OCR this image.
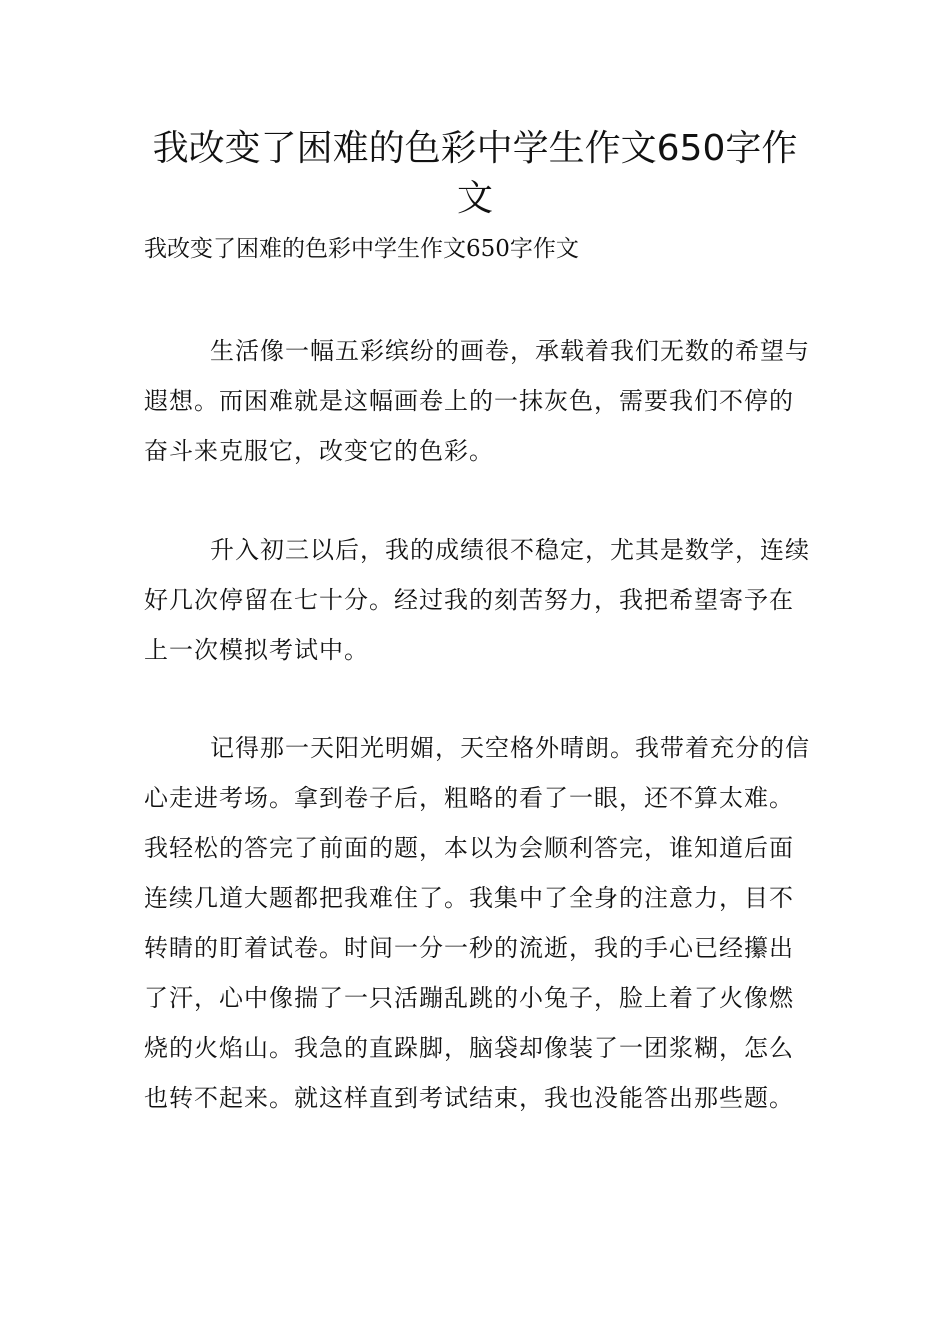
我改变了困难的色彩中学生作文650字作文

我改变了困难的色彩中学生作文650字作文

生活像一幅五彩缤纷的画卷，承载着我们无数的希望与遐想。而困难就是这幅画卷上的一抹灰色，需要我们不停的奋斗来克服它，改变它的色彩。

升入初三以后，我的成绩很不稳定，尤其是数学，连续好几次停留在七十分。经过我的刻苦努力，我把希望寄予在上一次模拟考试中。

记得那一天阳光明媚，天空格外晴朗。我带着充分的信心走进考场。拿到卷子后，粗略的看了一眼，还不算太难。我轻松的答完了前面的题，本以为会顺利答完，谁知道后面连续几道大题都把我难住了。我集中了全身的注意力，目不转睛的盯着试卷。时间一分一秒的流逝，我的手心已经攥出了汗，心中像揣了一只活蹦乱跳的小兔子，脸上着了火像燃烧的火焰山。我急的直跺脚，脑袋却像装了一团浆糊，怎么也转不起来。就这样直到考试结束，我也没能答出那些题。
